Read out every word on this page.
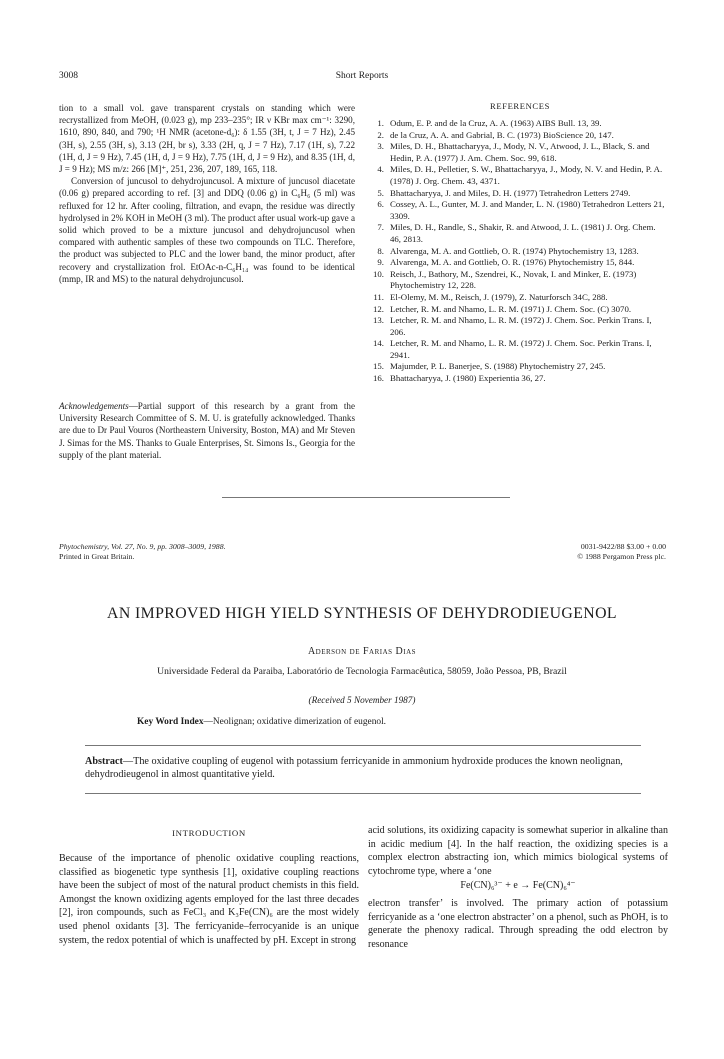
3008	Short Reports

tion to a small vol. gave transparent crystals on standing which were recrystallized from MeOH, (0.023 g), mp 233–235°; IR ν KBr max cm⁻¹: 3290, 1610, 890, 840, and 790; ¹H NMR (acetone-d₆): δ 1.55 (3H, t, J = 7 Hz), 2.45 (3H, s), 2.55 (3H, s), 3.13 (2H, br s), 3.33 (2H, q, J = 7 Hz), 7.17 (1H, s), 7.22 (1H, d, J = 9 Hz), 7.45 (1H, d, J = 9 Hz), 7.75 (1H, d, J = 9 Hz), and 8.35 (1H, d, J = 9 Hz); MS m/z: 266 [M]⁺, 251, 236, 207, 189, 165, 118.

Conversion of juncusol to dehydrojuncusol. A mixture of juncusol diacetate (0.06 g) prepared according to ref. [3] and DDQ (0.06 g) in C₆H₆ (5 ml) was refluxed for 12 hr. After cooling, filtration, and evapn, the residue was directly hydrolysed in 2% KOH in MeOH (3 ml). The product after usual work-up gave a solid which proved to be a mixture juncusol and dehydrojuncusol when compared with authentic samples of these two compounds on TLC. Therefore, the product was subjected to PLC and the lower band, the minor product, after recovery and crystallization frol. EtOAc-n-C₆H₁₄ was found to be identical (mmp, IR and MS) to the natural dehydrojuncusol.

Acknowledgements—Partial support of this research by a grant from the University Research Committee of S. M. U. is gratefully acknowledged. Thanks are due to Dr Paul Vouros (Northeastern University, Boston, MA) and Mr Steven J. Simas for the MS. Thanks to Guale Enterprises, St. Simons Is., Georgia for the supply of the plant material.

REFERENCES
1. Odum, E. P. and de la Cruz, A. A. (1963) AIBS Bull. 13, 39.
2. de la Cruz, A. A. and Gabrial, B. C. (1973) BioScience 20, 147.
3. Miles, D. H., Bhattacharyya, J., Mody, N. V., Atwood, J. L., Black, S. and Hedin, P. A. (1977) J. Am. Chem. Soc. 99, 618.
4. Miles, D. H., Pelletier, S. W., Bhattacharyya, J., Mody, N. V. and Hedin, P. A. (1978) J. Org. Chem. 43, 4371.
5. Bhattacharyya, J. and Miles, D. H. (1977) Tetrahedron Letters 2749.
6. Cossey, A. L., Gunter, M. J. and Mander, L. N. (1980) Tetrahedron Letters 21, 3309.
7. Miles, D. H., Randle, S., Shakir, R. and Atwood, J. L. (1981) J. Org. Chem. 46, 2813.
8. Alvarenga, M. A. and Gottlieb, O. R. (1974) Phytochemistry 13, 1283.
9. Alvarenga, M. A. and Gottlieb, O. R. (1976) Phytochemistry 15, 844.
10. Reisch, J., Bathory, M., Szendrei, K., Novak, I. and Minker, E. (1973) Phytochemistry 12, 228.
11. El-Olemy, M. M., Reisch, J. (1979), Z. Naturforsch 34C, 288.
12. Letcher, R. M. and Nhamo, L. R. M. (1971) J. Chem. Soc. (C) 3070.
13. Letcher, R. M. and Nhamo, L. R. M. (1972) J. Chem. Soc. Perkin Trans. I, 206.
14. Letcher, R. M. and Nhamo, L. R. M. (1972) J. Chem. Soc. Perkin Trans. I, 2941.
15. Majumder, P. L. Banerjee, S. (1988) Phytochemistry 27, 245.
16. Bhattacharyya, J. (1980) Experientia 36, 27.
Phytochemistry, Vol. 27, No. 9, pp. 3008–3009, 1988.
Printed in Great Britain.
0031-9422/88 $3.00 + 0.00
© 1988 Pergamon Press plc.
AN IMPROVED HIGH YIELD SYNTHESIS OF DEHYDRODIEUGENOL
Aderson de Farias Dias
Universidade Federal da Paraiba, Laboratório de Tecnologia Farmacêutica, 58059, João Pessoa, PB, Brazil
(Received 5 November 1987)
Key Word Index—Neolignan; oxidative dimerization of eugenol.
Abstract—The oxidative coupling of eugenol with potassium ferricyanide in ammonium hydroxide produces the known neolignan, dehydrodieugenol in almost quantitative yield.
INTRODUCTION
Because of the importance of phenolic oxidative coupling reactions, classified as biogenetic type synthesis [1], oxidative coupling reactions have been the subject of most of the natural product chemists in this field. Amongst the known oxidizing agents employed for the last three decades [2], iron compounds, such as FeCl₃ and K₃Fe(CN)₆ are the most widely used phenol oxidants [3]. The ferricyanide–ferrocyanide is an unique system, the redox potential of which is unaffected by pH. Except in strong
acid solutions, its oxidizing capacity is somewhat superior in alkaline than in acidic medium [4]. In the half reaction, the oxidizing species is a complex electron abstracting ion, which mimics biological systems of cytochrome type, where a ‘one
Fe(CN)₆³⁻ + e → Fe(CN)₆⁴⁻
electron transfer’ is involved. The primary action of potassium ferricyanide as a ‘one electron abstracter’ on a phenol, such as PhOH, is to generate the phenoxy radical. Through spreading the odd electron by resonance
